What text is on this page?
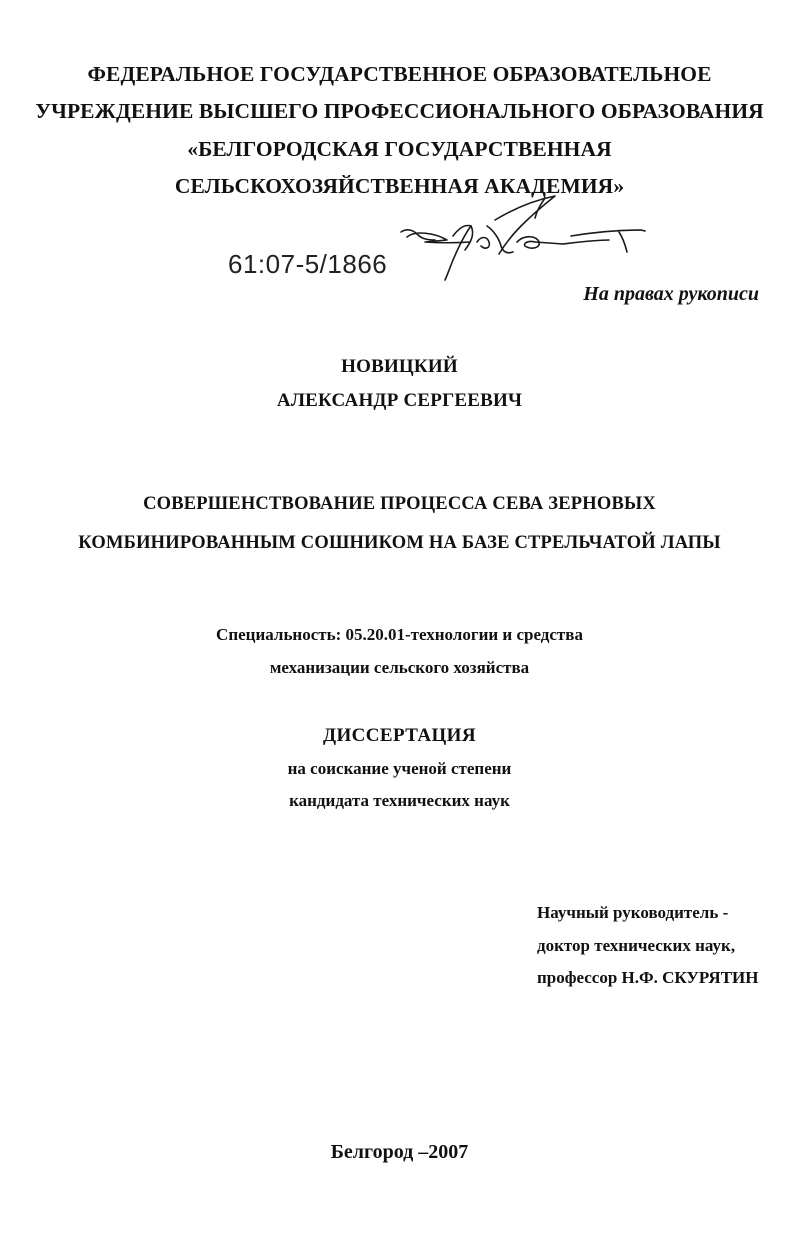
ФЕДЕРАЛЬНОЕ ГОСУДАРСТВЕННОЕ ОБРАЗОВАТЕЛЬНОЕ
УЧРЕЖДЕНИЕ ВЫСШЕГО ПРОФЕССИОНАЛЬНОГО ОБРАЗОВАНИЯ
«БЕЛГОРОДСКАЯ ГОСУДАРСТВЕННАЯ
СЕЛЬСКОХОЗЯЙСТВЕННАЯ АКАДЕМИЯ»
61:07-5/1866
На правах рукописи
НОВИЦКИЙ
АЛЕКСАНДР СЕРГЕЕВИЧ
СОВЕРШЕНСТВОВАНИЕ ПРОЦЕССА СЕВА ЗЕРНОВЫХ
КОМБИНИРОВАННЫМ СОШНИКОМ НА БАЗЕ СТРЕЛЬЧАТОЙ ЛАПЫ
Специальность: 05.20.01-технологии и средства
механизации сельского хозяйства
ДИССЕРТАЦИЯ
на соискание ученой степени
кандидата технических наук
Научный руководитель -
доктор технических наук,
профессор Н.Ф. СКУРЯТИН
Белгород –2007
